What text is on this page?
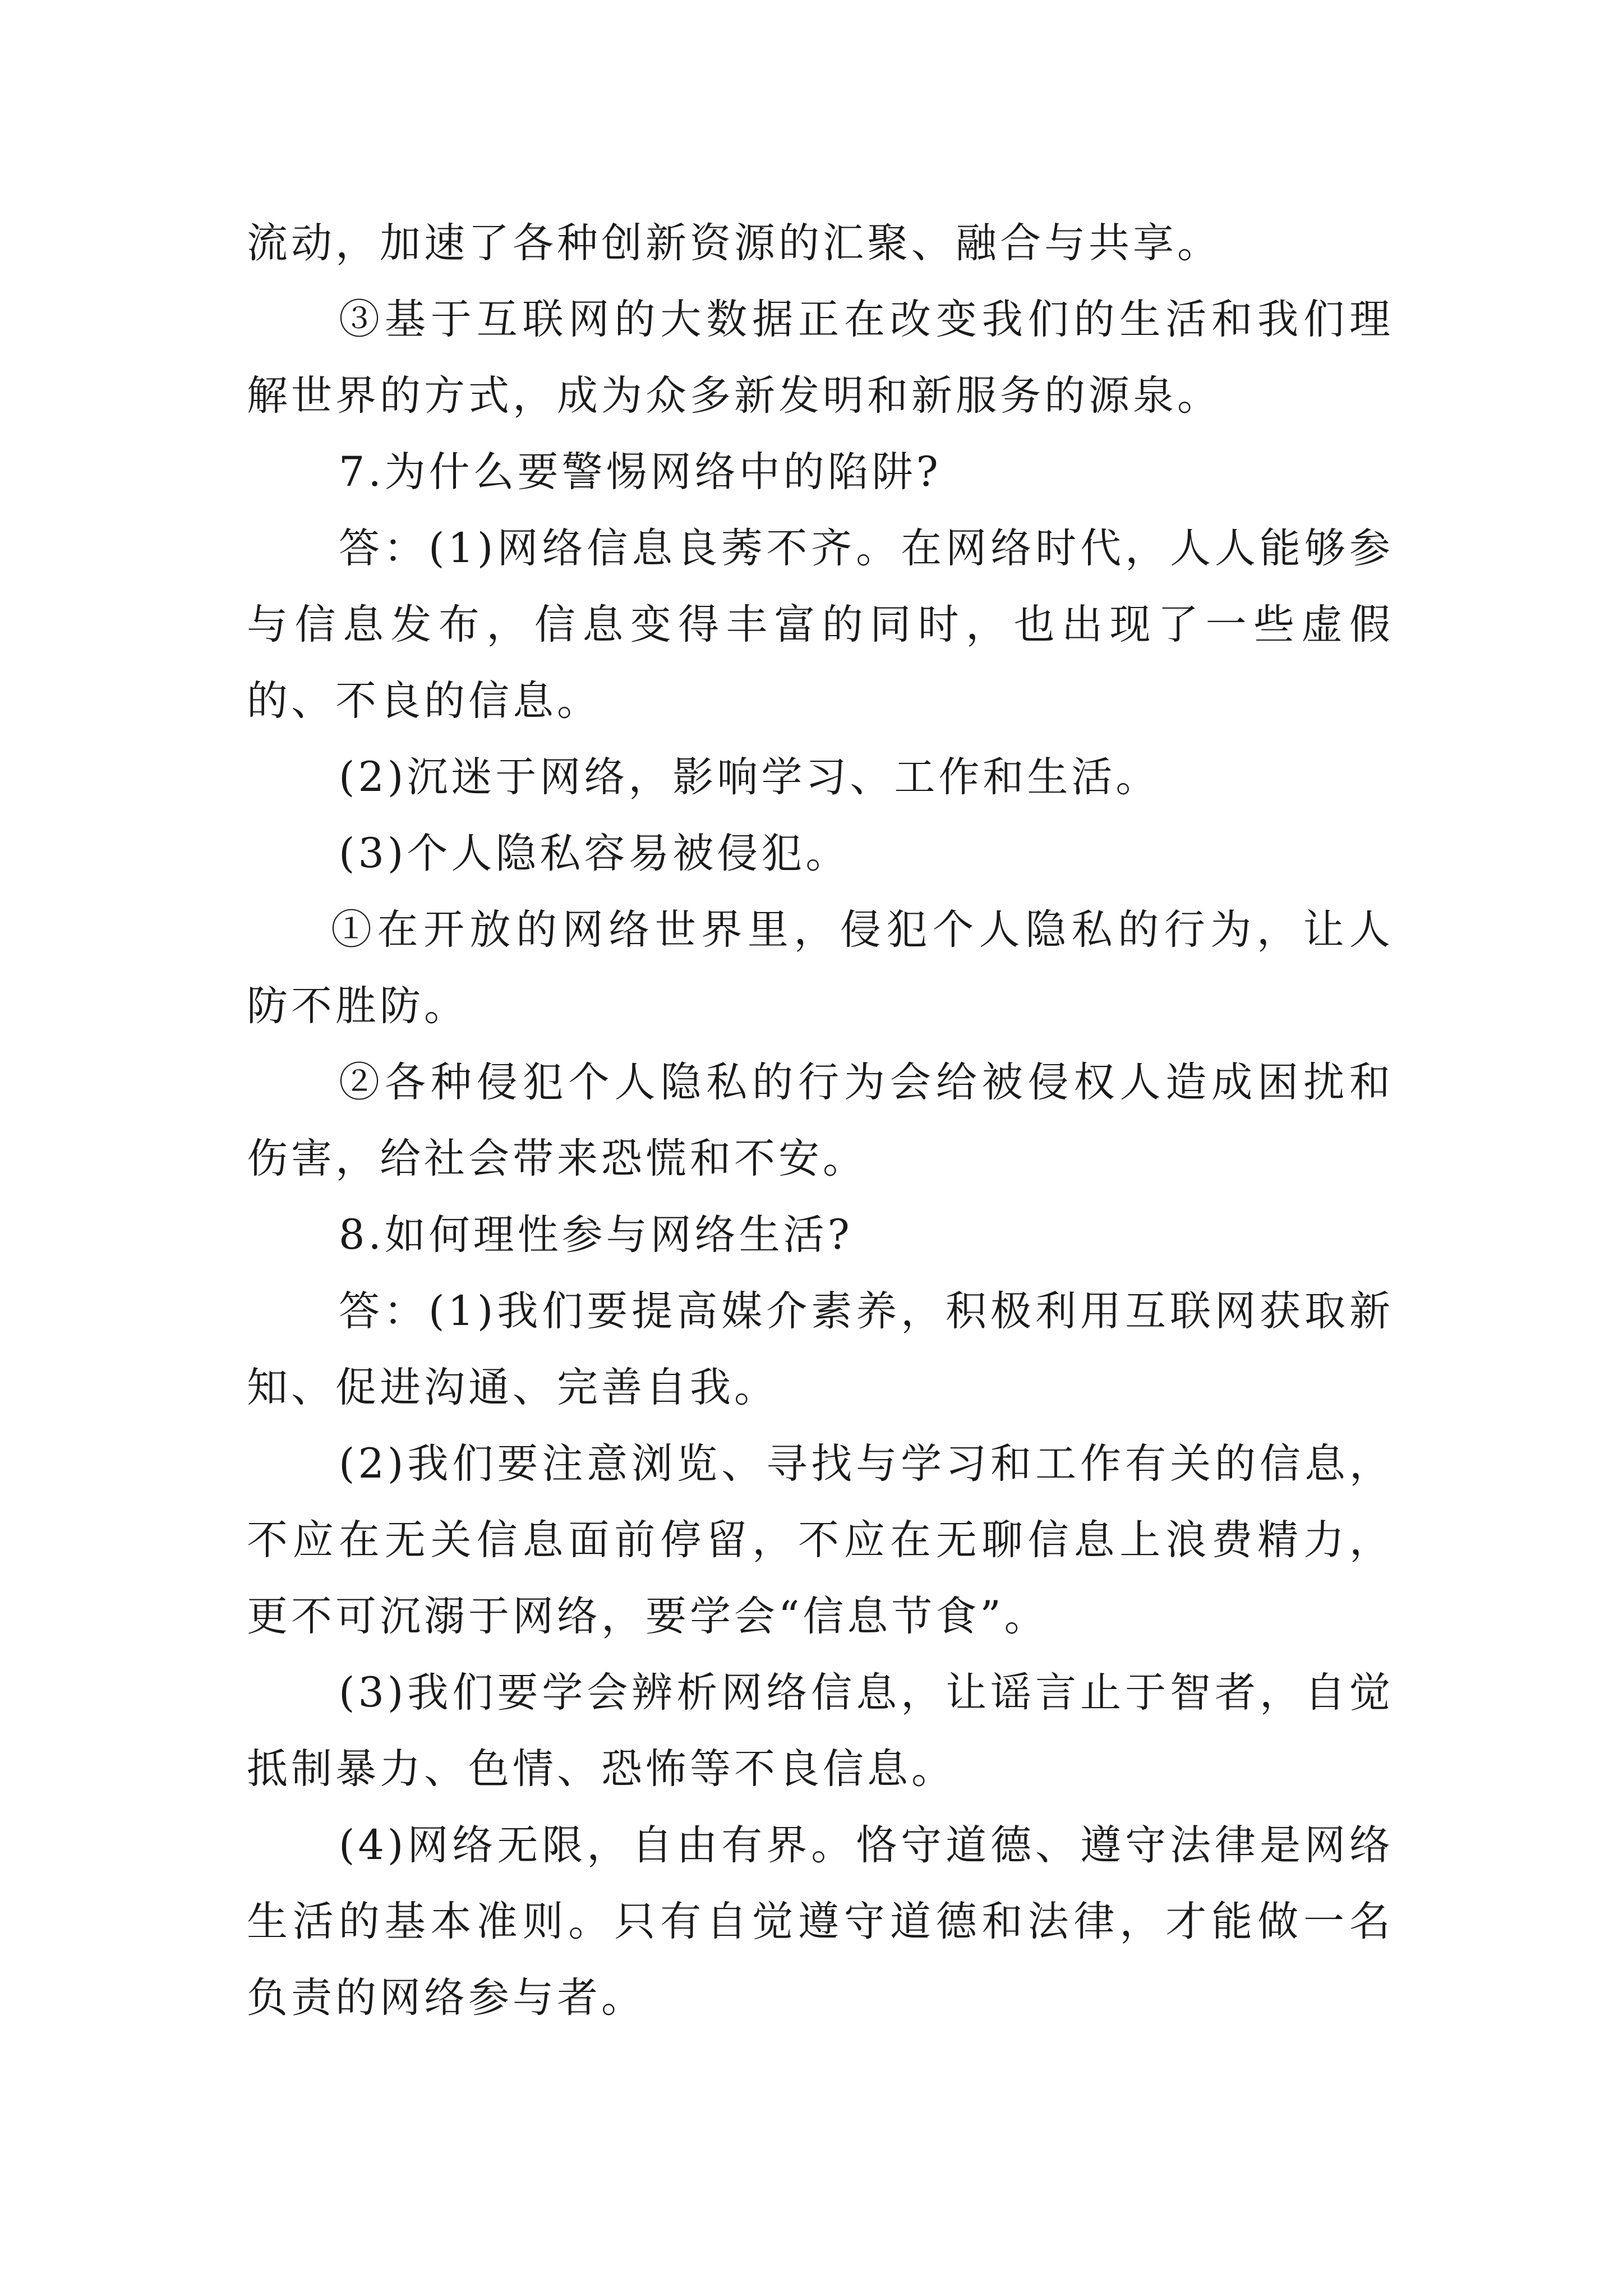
流动，加速了各种创新资源的汇聚、融合与共享。

③基于互联网的大数据正在改变我们的生活和我们理解世界的方式，成为众多新发明和新服务的源泉。

7.为什么要警惕网络中的陷阱?

答：(1)网络信息良莠不齐。在网络时代，人人能够参与信息发布，信息变得丰富的同时，也出现了一些虚假的、不良的信息。

(2)沉迷于网络，影响学习、工作和生活。

(3)个人隐私容易被侵犯。

①在开放的网络世界里，侵犯个人隐私的行为，让人防不胜防。

②各种侵犯个人隐私的行为会给被侵权人造成困扰和伤害，给社会带来恐慌和不安。

8.如何理性参与网络生活?

答：(1)我们要提高媒介素养，积极利用互联网获取新知、促进沟通、完善自我。

(2)我们要注意浏览、寻找与学习和工作有关的信息，不应在无关信息面前停留，不应在无聊信息上浪费精力，更不可沉溺于网络，要学会“信息节食”。

(3)我们要学会辨析网络信息，让谣言止于智者，自觉抵制暴力、色情、恐怖等不良信息。

(4)网络无限，自由有界。恪守道德、遵守法律是网络生活的基本准则。只有自觉遵守道德和法律，才能做一名负责的网络参与者。
